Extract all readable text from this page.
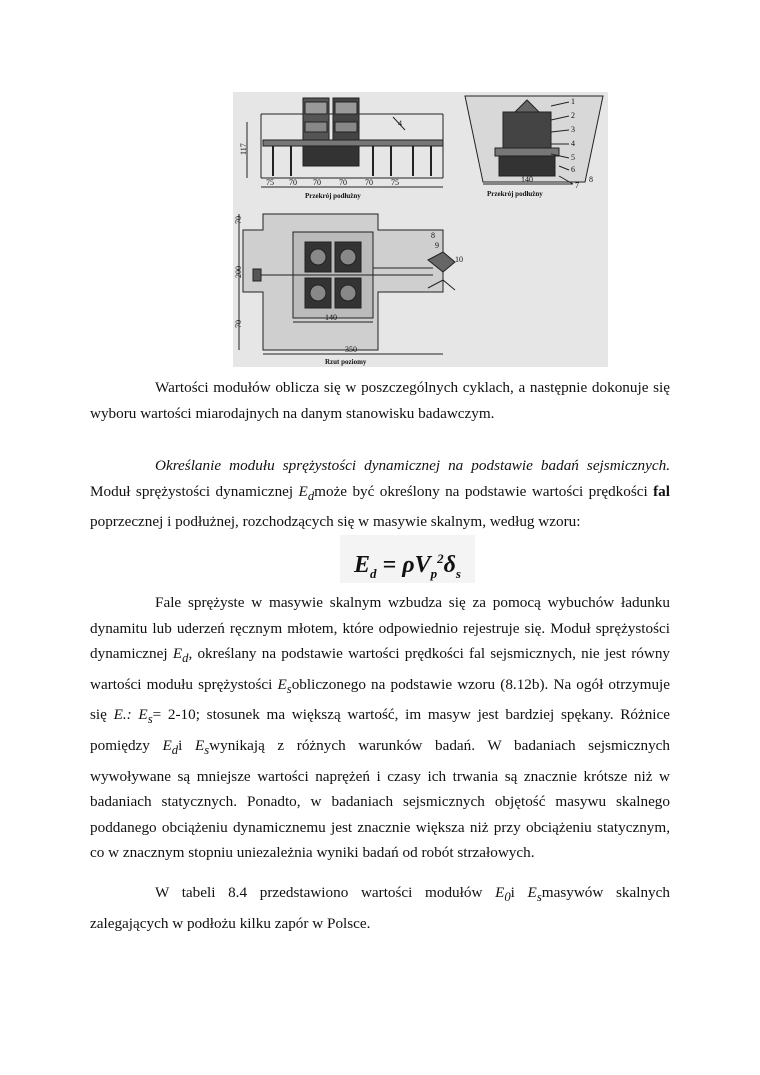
117
75 70 70 70 70 75
4
Przekrój podłużny
1
2
3
4
5
6
7
8
140
Przekrój podłużny
8
9
10
70
200
70
140
350
Rzut poziomy

Wartości modułów oblicza się w poszczególnych cyklach, a następnie dokonuje się wyboru wartości miarodajnych na danym stanowisku badawczym.

Określanie modułu sprężystości dynamicznej na podstawie badań sejsmicznych. Moduł sprężystości dynamicznej $E_dmoże$ być określony na podstawie wartości prędkości fal poprzecznej i podłużnej, rozchodzących się w masywie skalnym, według wzoru:

$E_d = \rho V_p^2\delta_s$

Fale sprężyste w masywie skalnym wzbudza się za pomocą wybuchów ładunku dynamitu lub uderzeń ręcznym młotem, które odpowiednio rejestruje się. Moduł sprężystości dynamicznej $E_d$, określany na podstawie wartości prędkości fal sejsmicznych, nie jest równy wartości modułu sprężystości $E_sobliczonego$ na podstawie wzoru (8.12b). Na ogół otrzymuje się E.: $E_s= 2-10$; stosunek ma większą wartość, im masyw jest bardziej spękany. Różnice pomiędzy $E_di$ $E_swynikają$ z różnych warunków badań. W badaniach sejsmicznych wywoływane są mniejsze wartości naprężeń i czasy ich trwania są znacznie krótsze niż w badaniach statycznych. Ponadto, w badaniach sejsmicznych objętość masywu skalnego poddanego obciążeniu dynamicznemu jest znacznie większa niż przy obciążeniu statycznym, co w znacznym stopniu uniezależnia wyniki badań od robót strzałowych.

W tabeli 8.4 przedstawiono wartości modułów $E_0i$ $E_smasywów$ skalnych zalegających w podłożu kilku zapór w Polsce.
